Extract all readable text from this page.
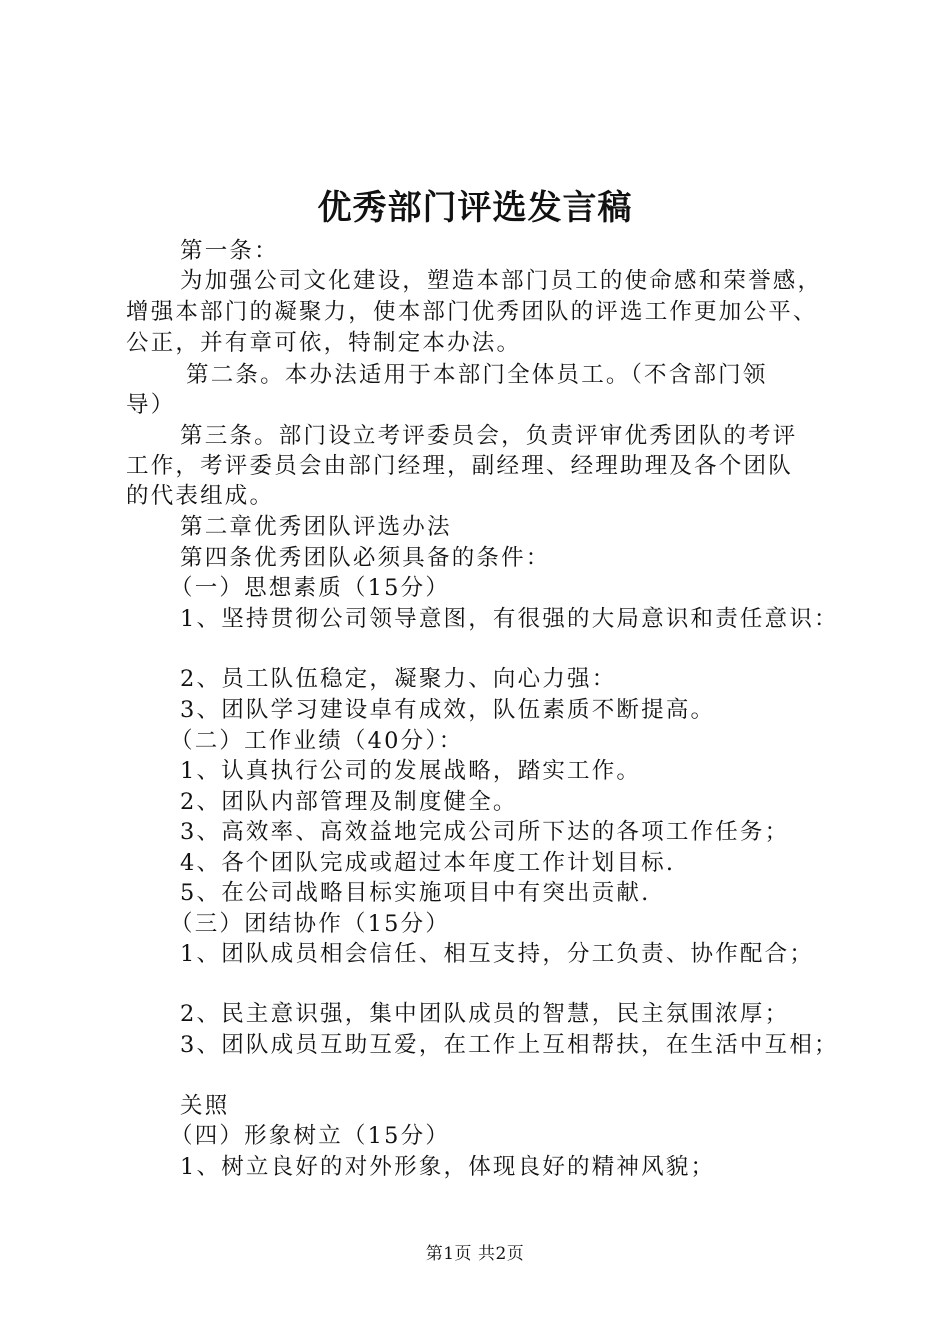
优秀部门评选发言稿
第一条：
为加强公司文化建设，塑造本部门员工的使命感和荣誉感，
增强本部门的凝聚力，使本部门优秀团队的评选工作更加公平、
公正，并有章可依，特制定本办法。
第二条。本办法适用于本部门全体员工。（不含部门领
导）
第三条。部门设立考评委员会，负责评审优秀团队的考评
工作，考评委员会由部门经理，副经理、经理助理及各个团队
的代表组成。
第二章优秀团队评选办法
第四条优秀团队必须具备的条件：
（一）思想素质（15分）
1、坚持贯彻公司领导意图，有很强的大局意识和责任意识：
2、员工队伍稳定，凝聚力、向心力强：
3、团队学习建设卓有成效，队伍素质不断提高。
（二）工作业绩（40分）：
1、认真执行公司的发展战略，踏实工作。
2、团队内部管理及制度健全。
3、高效率、高效益地完成公司所下达的各项工作任务；
4、各个团队完成或超过本年度工作计划目标.
5、在公司战略目标实施项目中有突出贡献.
（三）团结协作（15分）
1、团队成员相会信任、相互支持，分工负责、协作配合；
2、民主意识强，集中团队成员的智慧，民主氛围浓厚；
3、团队成员互助互爱，在工作上互相帮扶，在生活中互相；
关照
（四）形象树立（15分）
1、树立良好的对外形象，体现良好的精神风貌；
第1页 共2页
